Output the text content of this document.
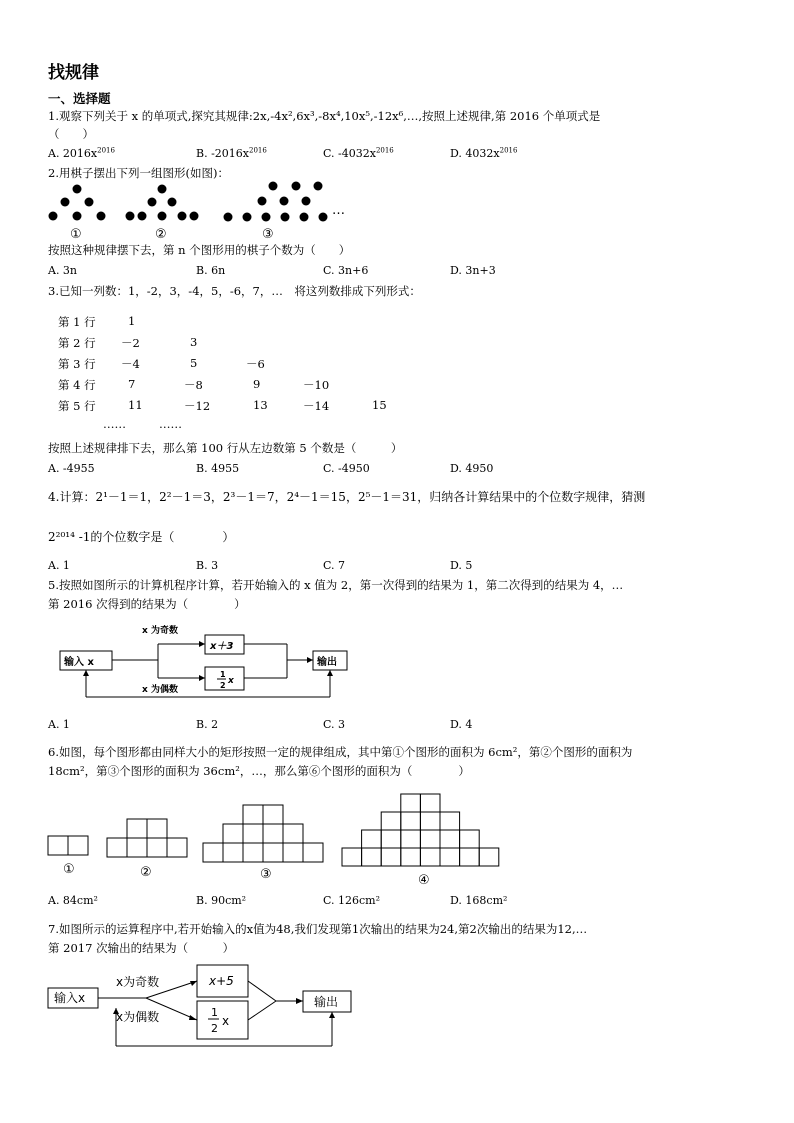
找规律
一、选择题
1.观察下列关于 x 的单项式,探究其规律:2x,-4x²,6x³,-8x⁴,10x⁵,-12x⁶,…,按照上述规律,第 2016 个单项式是
（　　）
A. $2016x^{2016}$	B. $-2016x^{2016}$	C. $-4032x^{2016}$	D. $4032x^{2016}$
2.用棋子摆出下列一组图形(如图)：
①	②	③
…
按照这种规律摆下去，第 n 个图形用的棋子个数为（　　）
A. 3n	B. 6n	C. 3n+6	D. 3n+3
3.已知一列数：1，-2，3，-4，5，-6，7，…　将这列数排成下列形式：
第 1 行	1
第 2 行 －2	3
第 3 行 －4	5	－6
第 4 行	7	－8	9	－10
第 5 行	11	－12	13	－14	15
……	……
按照上述规律排下去，那么第 100 行从左边数第 5 个数是（　　　）
A. -4955	B. 4955	C. -4950	D. 4950
4.计算：2¹－1＝1，2²－1＝3，2³－1＝7，2⁴－1＝15，2⁵－1＝31，归纳各计算结果中的个位数字规律，猜测
2²⁰¹⁴ -1的个位数字是（　　　　）
A. 1	B. 3	C. 7	D. 5
5.按照如图所示的计算机程序计算，若开始输入的 x 值为 2，第一次得到的结果为 1，第二次得到的结果为 4，…
第 2016 次得到的结果为（　　　　）
输入 x
x 为奇数
x 为偶数
x＋3
1
2 x
输出
A. 1	B. 2	C. 3	D. 4
6.如图，每个图形都由同样大小的矩形按照一定的规律组成，其中第①个图形的面积为 6cm²，第②个图形的面积为
18cm²，第③个图形的面积为 36cm²，…，那么第⑥个图形的面积为（　　　　）
①	②	③	④
A. 84cm²	B. 90cm²	C. 126cm²	D. 168cm²
7.如图所示的运算程序中,若开始输入的x值为48,我们发现第1次输出的结果为24,第2次输出的结果为12,…
第 2017 次输出的结果为（　　　）
输入x
x为奇数
x为偶数
x+5
1
2
x
输出
